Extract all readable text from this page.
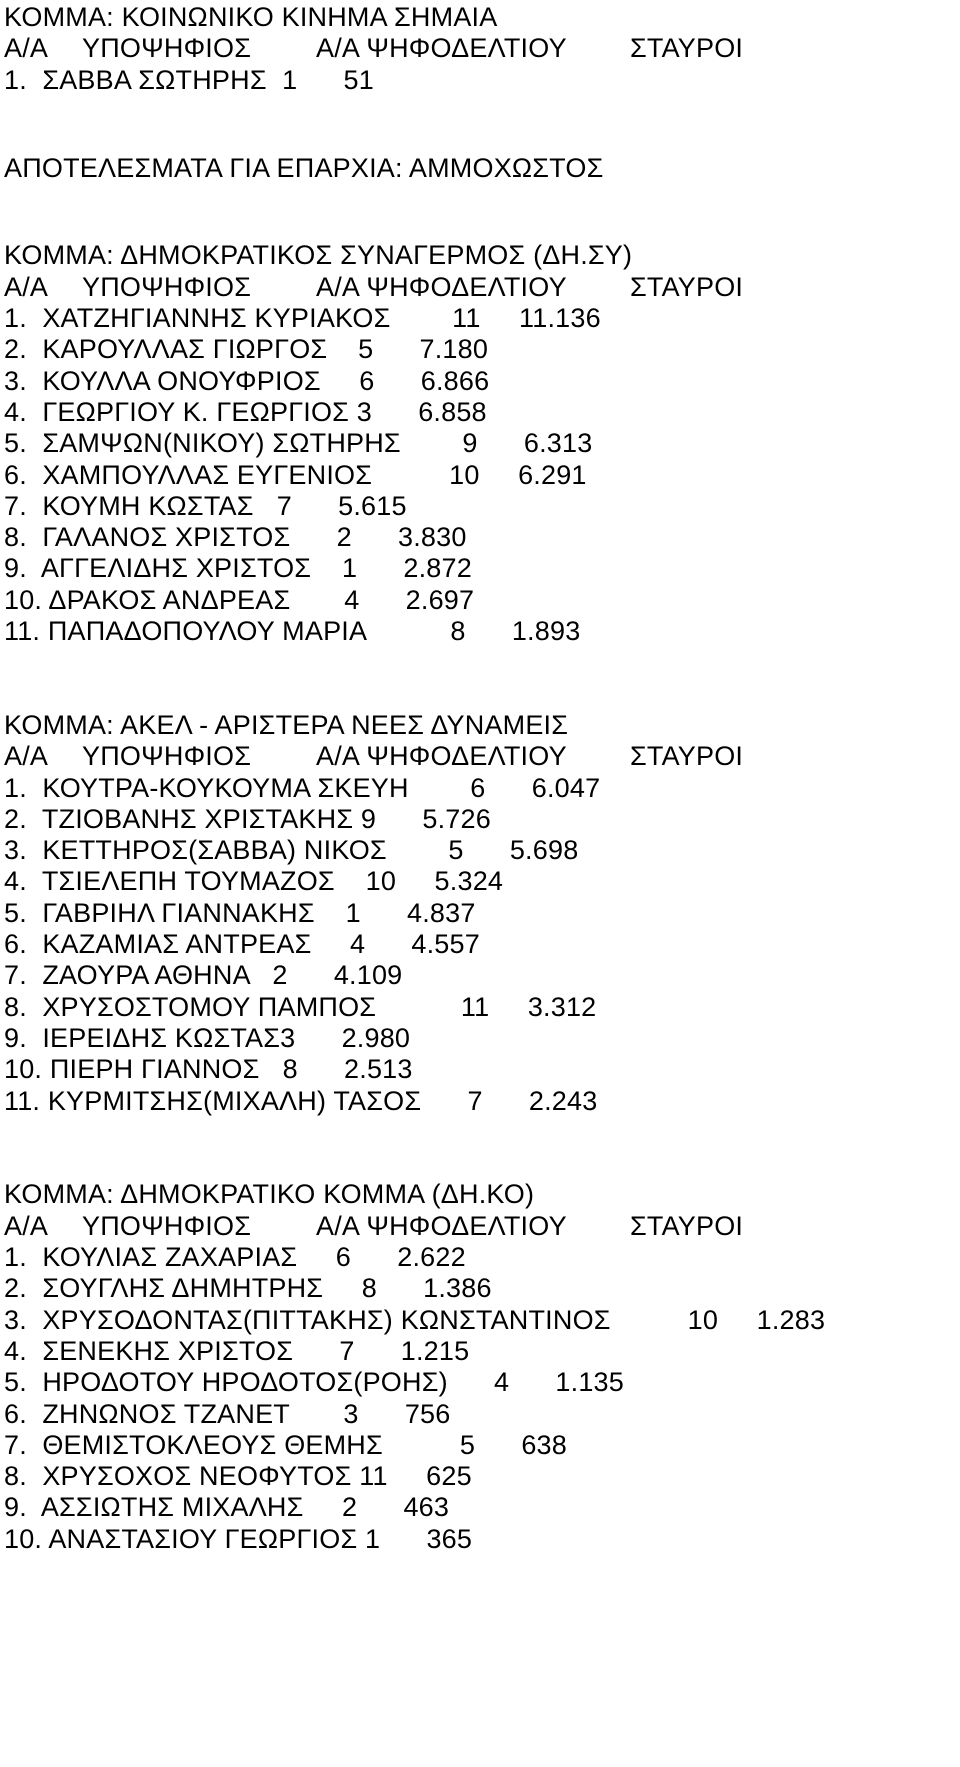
ΚΟΜΜΑ: ΚΟΙΝΩΝΙΚΟ ΚΙΝΗΜΑ ΣΗΜΑΙΑ
Α/Α ΥΠΟΨΗΦΙΟΣ Α/Α ΨΗΦΟΔΕΛΤΙΟΥ ΣΤΑΥΡΟΙ
1.  ΣΑΒΒΑ ΣΩΤΗΡΗΣ  1      51
ΑΠΟΤΕΛΕΣΜΑΤΑ ΓΙΑ ΕΠΑΡΧΙΑ: ΑΜΜΟΧΩΣΤΟΣ
ΚΟΜΜΑ: ΔΗΜΟΚΡΑΤΙΚΟΣ ΣΥΝΑΓΕΡΜΟΣ (ΔΗ.ΣΥ)
Α/Α ΥΠΟΨΗΦΙΟΣ Α/Α ΨΗΦΟΔΕΛΤΙΟΥ ΣΤΑΥΡΟΙ
1.  ΧΑΤΖΗΓΙΑΝΝΗΣ ΚΥΡΙΑΚΟΣ        11     11.136
2.  ΚΑΡΟΥΛΛΑΣ ΓΙΩΡΓΟΣ    5      7.180
3.  ΚΟΥΛΛΑ ΟΝΟΥΦΡΙΟΣ     6      6.866
4.  ΓΕΩΡΓΙΟΥ Κ. ΓΕΩΡΓΙΟΣ 3      6.858
5.  ΣΑΜΨΩΝ(ΝΙΚΟΥ) ΣΩΤΗΡΗΣ        9      6.313
6.  ΧΑΜΠΟΥΛΛΑΣ ΕΥΓΕΝΙΟΣ          10     6.291
7.  ΚΟΥΜΗ ΚΩΣΤΑΣ   7      5.615
8.  ΓΑΛΑΝΟΣ ΧΡΙΣΤΟΣ      2      3.830
9.  ΑΓΓΕΛΙΔΗΣ ΧΡΙΣΤΟΣ    1      2.872
10. ΔΡΑΚΟΣ ΑΝΔΡΕΑΣ       4      2.697
11. ΠΑΠΑΔΟΠΟΥΛΟΥ ΜΑΡΙΑ           8      1.893
ΚΟΜΜΑ: ΑΚΕΛ - ΑΡΙΣΤΕΡΑ ΝΕΕΣ ΔΥΝΑΜΕΙΣ
Α/Α ΥΠΟΨΗΦΙΟΣ Α/Α ΨΗΦΟΔΕΛΤΙΟΥ ΣΤΑΥΡΟΙ
1.  ΚΟΥΤΡΑ-ΚΟΥΚΟΥΜΑ ΣΚΕΥΗ        6      6.047
2.  ΤΖΙΟΒΑΝΗΣ ΧΡΙΣΤΑΚΗΣ 9      5.726
3.  ΚΕΤΤΗΡΟΣ(ΣΑΒΒΑ) ΝΙΚΟΣ        5      5.698
4.  ΤΣΙΕΛΕΠΗ ΤΟΥΜΑΖΟΣ    10     5.324
5.  ΓΑΒΡΙΗΛ ΓΙΑΝΝΑΚΗΣ    1      4.837
6.  ΚΑΖΑΜΙΑΣ ΑΝΤΡΕΑΣ     4      4.557
7.  ΖΑΟΥΡΑ ΑΘΗΝΑ   2      4.109
8.  ΧΡΥΣΟΣΤΟΜΟΥ ΠΑΜΠΟΣ           11     3.312
9.  ΙΕΡΕΙΔΗΣ ΚΩΣΤΑΣ3      2.980
10. ΠΙΕΡΗ ΓΙΑΝΝΟΣ   8      2.513
11. ΚΥΡΜΙΤΣΗΣ(ΜΙΧΑΛΗ) ΤΑΣΟΣ      7      2.243
ΚΟΜΜΑ: ΔΗΜΟΚΡΑΤΙΚΟ ΚΟΜΜΑ (ΔΗ.ΚΟ)
Α/Α ΥΠΟΨΗΦΙΟΣ Α/Α ΨΗΦΟΔΕΛΤΙΟΥ ΣΤΑΥΡΟΙ
1.  ΚΟΥΛΙΑΣ ΖΑΧΑΡΙΑΣ     6      2.622
2.  ΣΟΥΓΛΗΣ ΔΗΜΗΤΡΗΣ     8      1.386
3.  ΧΡΥΣΟΔΟΝΤΑΣ(ΠΙΤΤΑΚΗΣ) ΚΩΝΣΤΑΝΤΙΝΟΣ          10     1.283
4.  ΣΕΝΕΚΗΣ ΧΡΙΣΤΟΣ      7      1.215
5.  ΗΡΟΔΟΤΟΥ ΗΡΟΔΟΤΟΣ(ΡΟΗΣ)      4      1.135
6.  ΖΗΝΩΝΟΣ ΤΖΑΝΕΤ       3      756
7.  ΘΕΜΙΣΤΟΚΛΕΟΥΣ ΘΕΜΗΣ          5      638
8.  ΧΡΥΣΟΧΟΣ ΝΕΟΦΥΤΟΣ 11     625
9.  ΑΣΣΙΩΤΗΣ ΜΙΧΑΛΗΣ     2      463
10. ΑΝΑΣΤΑΣΙΟΥ ΓΕΩΡΓΙΟΣ 1      365
